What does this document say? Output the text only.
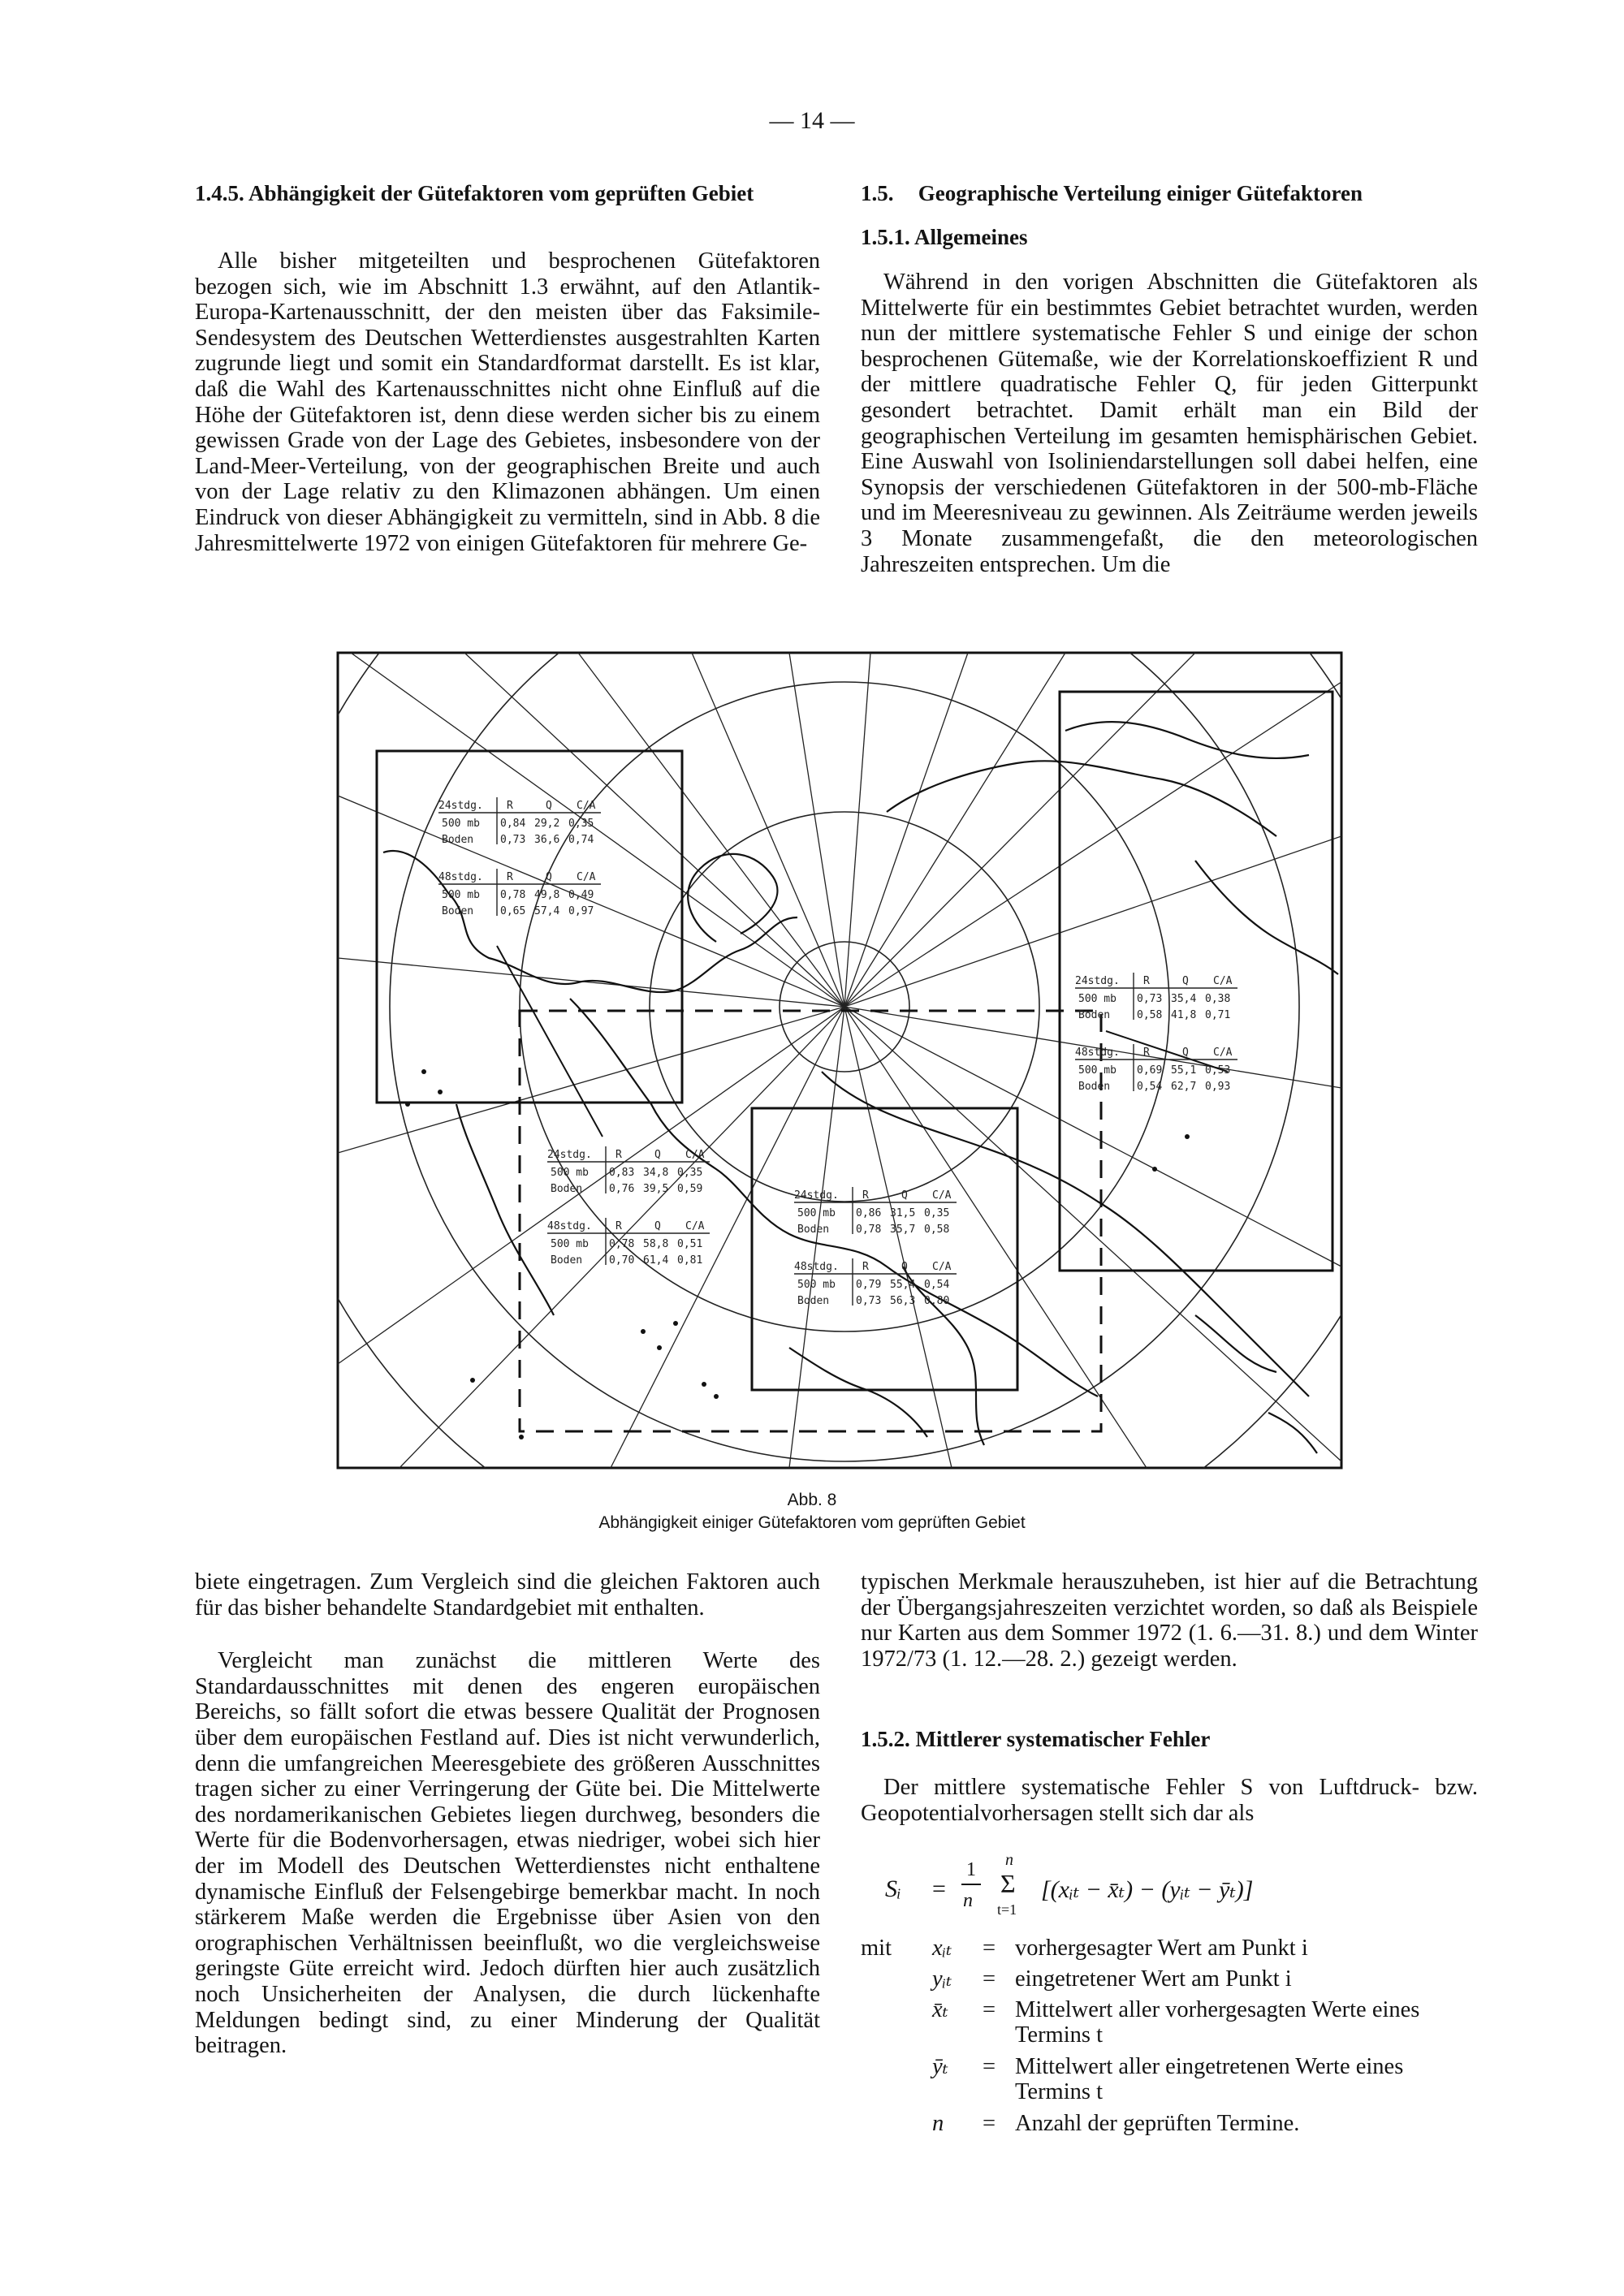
— 14 —

1.4.5. Abhängigkeit der Gütefaktoren vom geprüften Gebiet

Alle bisher mitgeteilten und besprochenen Gütefaktoren bezogen sich, wie im Abschnitt 1.3 erwähnt, auf den Atlantik-Europa-Kartenausschnitt, der den meisten über das Faksimile-Sendesystem des Deutschen Wetterdienstes ausgestrahlten Karten zugrunde liegt und somit ein Standardformat darstellt. Es ist klar, daß die Wahl des Kartenausschnittes nicht ohne Einfluß auf die Höhe der Gütefaktoren ist, denn diese werden sicher bis zu einem gewissen Grade von der Lage des Gebietes, insbesondere von der Land-Meer-Verteilung, von der geographischen Breite und auch von der Lage relativ zu den Klimazonen abhängen. Um einen Eindruck von dieser Abhängigkeit zu vermitteln, sind in Abb. 8 die Jahresmittelwerte 1972 von einigen Gütefaktoren für mehrere Ge-

1.5. Geographische Verteilung einiger Gütefaktoren

1.5.1. Allgemeines

Während in den vorigen Abschnitten die Gütefaktoren als Mittelwerte für ein bestimmtes Gebiet betrachtet wurden, werden nun der mittlere systematische Fehler S und einige der schon besprochenen Gütemaße, wie der Korrelationskoeffizient R und der mittlere quadratische Fehler Q, für jeden Gitterpunkt gesondert betrachtet. Damit erhält man ein Bild der geographischen Verteilung im gesamten hemisphärischen Gebiet. Eine Auswahl von Isoliniendarstellungen soll dabei helfen, eine Synopsis der verschiedenen Gütefaktoren in der 500-mb-Fläche und im Meeresniveau zu gewinnen. Als Zeiträume werden jeweils 3 Monate zusammengefaßt, die den meteorologischen Jahreszeiten entsprechen. Um die

24stdg. R	Q C/A
500 mb 0,84 29,2 0,35
Boden	0,73 36,6 0,74
48stdg. R	Q C/A
500 mb 0,78 49,8 0,49
Boden	0,65 57,4 0,97
24stdg. R	Q C/A
500 mb 0,73 35,4 0,38
Boden	0,58 41,8 0,71
48stdg. R	Q C/A
500 mb 0,69 55,1 0,53
Boden	0,54 62,7 0,93
24stdg. R	Q C/A
500 mb 0,83 34,8 0,35
Boden	0,76 39,5 0,59
48stdg. R	Q C/A
500 mb 0,78 58,8 0,51
Boden	0,70 61,4 0,81
24stdg. R	Q C/A
500 mb 0,86 31,5 0,35
Boden	0,78 35,7 0,58
48stdg. R	Q C/A
500 mb 0,79 55,4 0,54
Boden	0,73 56,3 0,80
Abb. 8
Abhängigkeit einiger Gütefaktoren vom geprüften Gebiet

biete eingetragen. Zum Vergleich sind die gleichen Faktoren auch für das bisher behandelte Standardgebiet mit enthalten.

Vergleicht man zunächst die mittleren Werte des Standardausschnittes mit denen des engeren europäischen Bereichs, so fällt sofort die etwas bessere Qualität der Prognosen über dem europäischen Festland auf. Dies ist nicht verwunderlich, denn die umfangreichen Meeresgebiete des größeren Ausschnittes tragen sicher zu einer Verringerung der Güte bei. Die Mittelwerte des nordamerikanischen Gebietes liegen durchweg, besonders die Werte für die Bodenvorhersagen, etwas niedriger, wobei sich hier der im Modell des Deutschen Wetterdienstes nicht enthaltene dynamische Einfluß der Felsengebirge bemerkbar macht. In noch stärkerem Maße werden die Ergebnisse über Asien von den orographischen Verhältnissen beeinflußt, wo die vergleichsweise geringste Güte erreicht wird. Jedoch dürften hier auch zusätzlich noch Unsicherheiten der Analysen, die durch lückenhafte Meldungen bedingt sind, zu einer Minderung der Qualität beitragen.

typischen Merkmale herauszuheben, ist hier auf die Betrachtung der Übergangsjahreszeiten verzichtet worden, so daß als Beispiele nur Karten aus dem Sommer 1972 (1. 6.—31. 8.) und dem Winter 1972/73 (1. 12.—28. 2.) gezeigt werden.

1.5.2. Mittlerer systematischer Fehler

Der mittlere systematische Fehler S von Luftdruck- bzw. Geopotentialvorhersagen stellt sich dar als

Sᵢ =
1
n
n
Σ
t=1
[(xᵢₜ − x̄ₜ) − (yᵢₜ − ȳₜ)]
mit xᵢₜ = vorhergesagter Wert am Punkt i
yᵢₜ = eingetretener Wert am Punkt i
x̄ₜ = Mittelwert aller vorhergesagten Werte eines Termins t
ȳₜ = Mittelwert aller eingetretenen Werte eines Termins t
n = Anzahl der geprüften Termine.
